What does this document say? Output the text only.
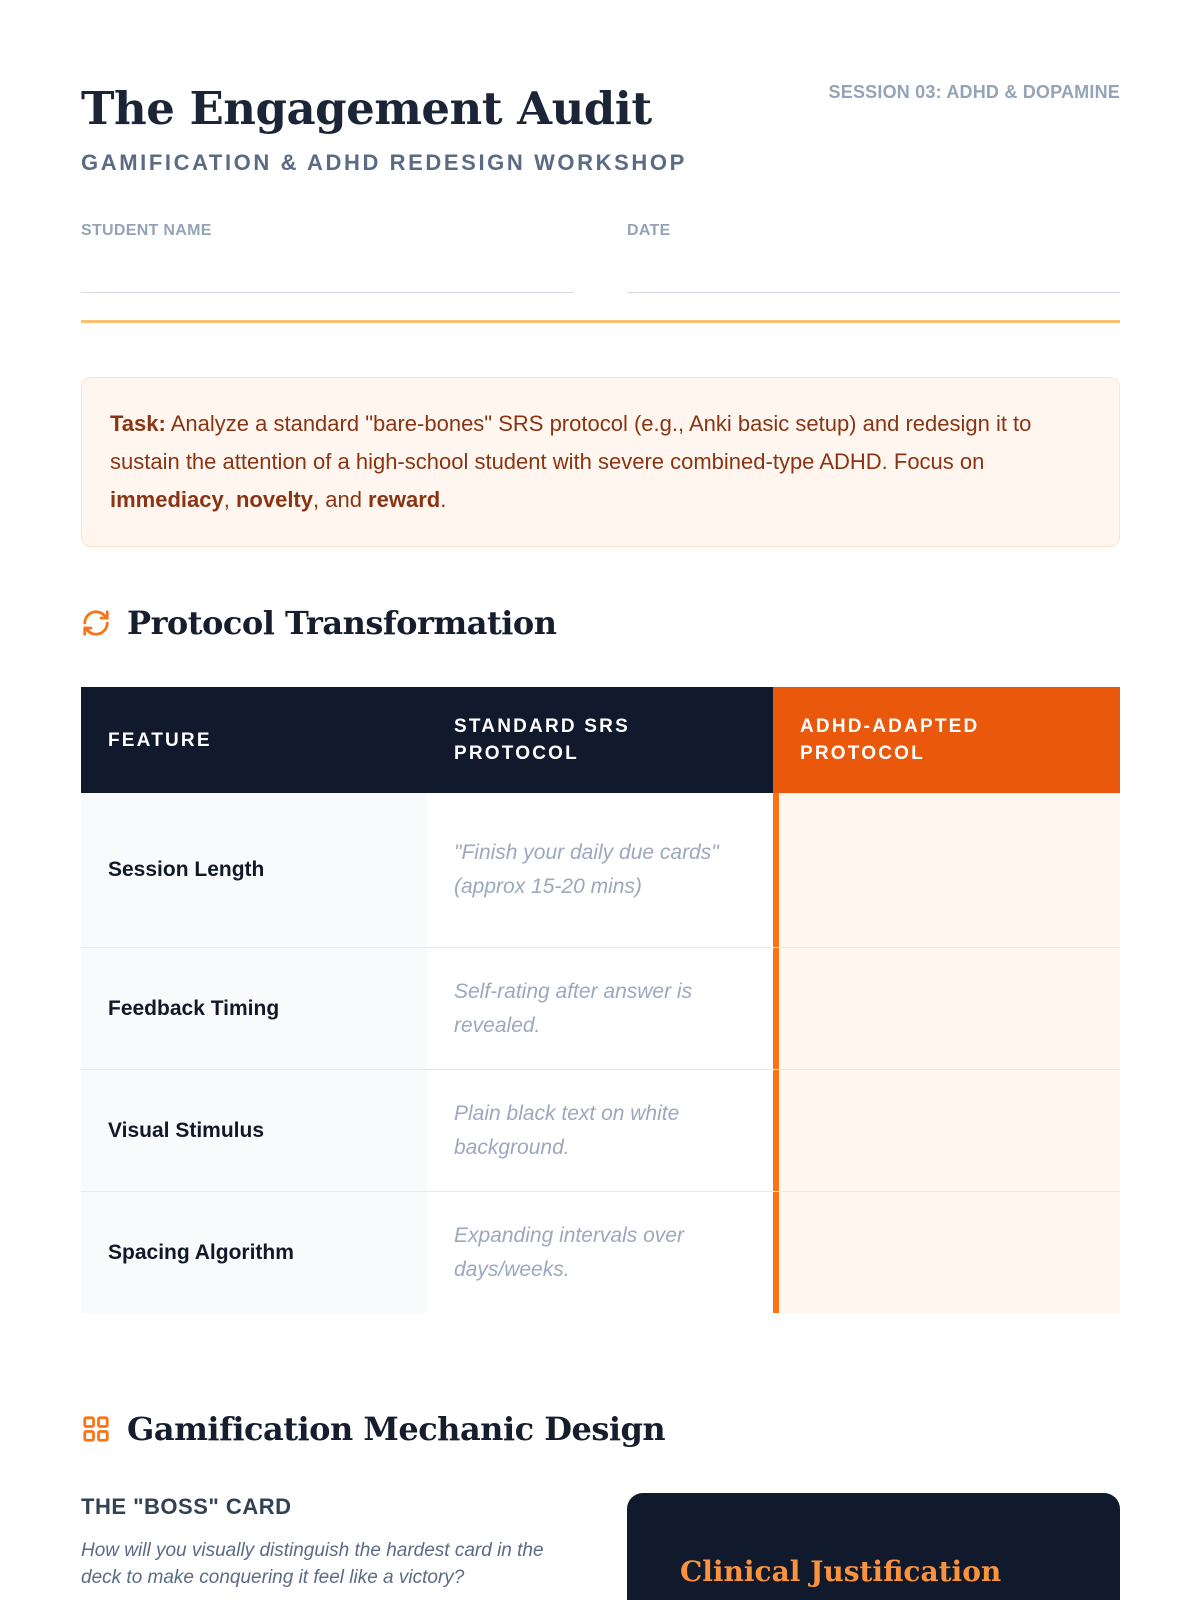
The Engagement Audit
GAMIFICATION & ADHD REDESIGN WORKSHOP
SESSION 03: ADHD & DOPAMINE
STUDENT NAME	DATE
Task: Analyze a standard "bare-bones" SRS protocol (e.g., Anki basic setup) and redesign it to sustain the attention of a high-school student with severe combined-type ADHD. Focus on immediacy, novelty, and reward.
Protocol Transformation
FEATURE
STANDARD SRS PROTOCOL
ADHD-ADAPTED PROTOCOL
Session Length
"Finish your daily due cards" (approx 15-20 mins)
Feedback Timing
Self-rating after answer is revealed.
Visual Stimulus
Plain black text on white background.
Spacing Algorithm
Expanding intervals over days/weeks.
Gamification Mechanic Design
THE "BOSS" CARD
How will you visually distinguish the hardest card in the deck to make conquering it feel like a victory?	Clinical Justification
